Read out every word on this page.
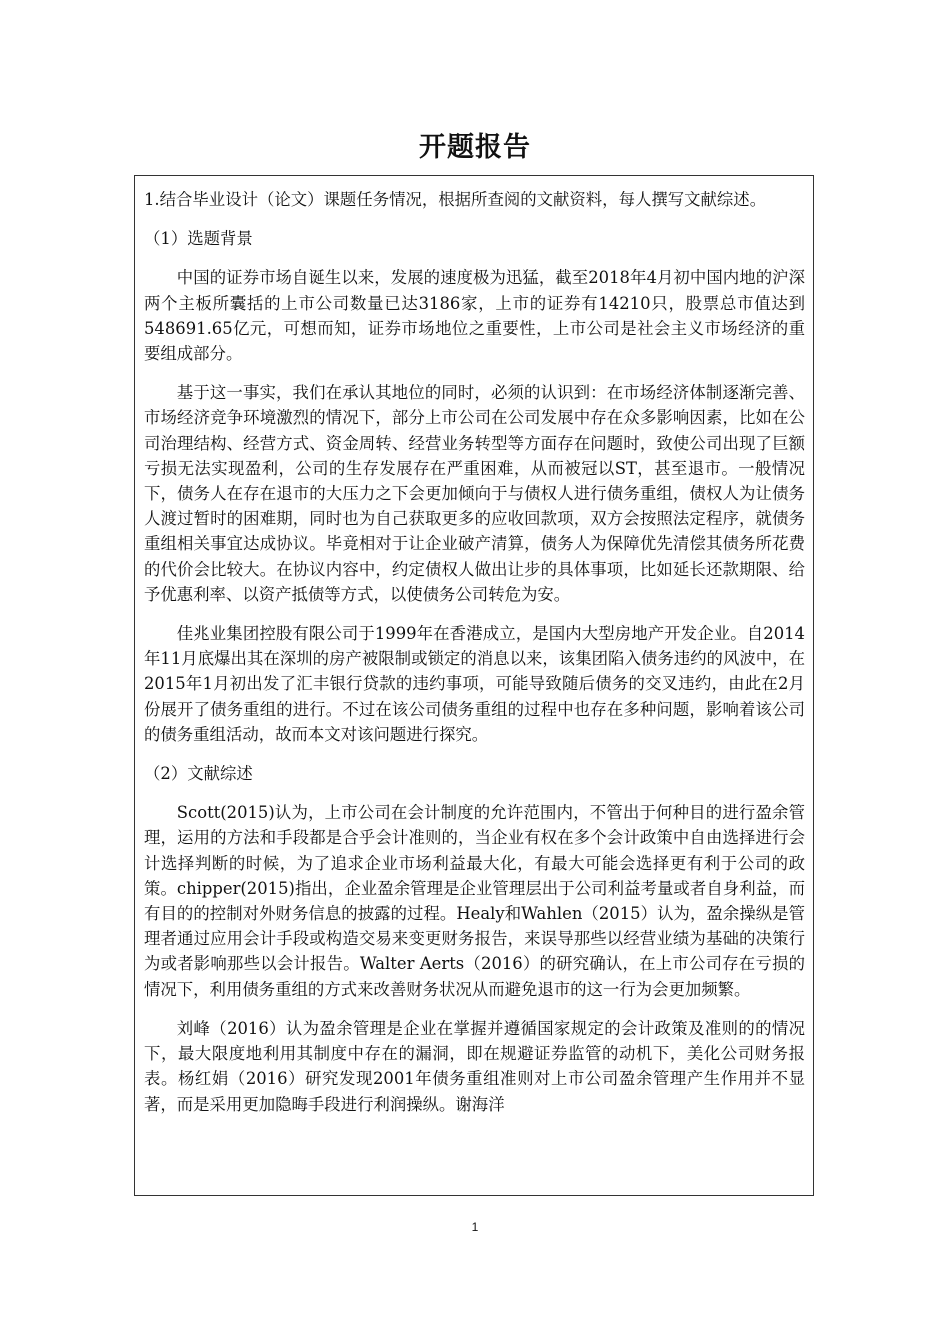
开题报告

1.结合毕业设计（论文）课题任务情况，根据所查阅的文献资料，每人撰写文献综述。

（1）选题背景

中国的证券市场自诞生以来，发展的速度极为迅猛，截至2018年4月初中国内地的沪深两个主板所囊括的上市公司数量已达3186家，上市的证券有14210只，股票总市值达到548691.65亿元，可想而知，证券市场地位之重要性，上市公司是社会主义市场经济的重要组成部分。

基于这一事实，我们在承认其地位的同时，必须的认识到：在市场经济体制逐渐完善、市场经济竞争环境激烈的情况下，部分上市公司在公司发展中存在众多影响因素，比如在公司治理结构、经营方式、资金周转、经营业务转型等方面存在问题时，致使公司出现了巨额亏损无法实现盈利，公司的生存发展存在严重困难，从而被冠以ST，甚至退市。一般情况下，债务人在存在退市的大压力之下会更加倾向于与债权人进行债务重组，债权人为让债务人渡过暂时的困难期，同时也为自己获取更多的应收回款项，双方会按照法定程序，就债务重组相关事宜达成协议。毕竟相对于让企业破产清算，债务人为保障优先清偿其债务所花费的代价会比较大。在协议内容中，约定债权人做出让步的具体事项，比如延长还款期限、给予优惠利率、以资产抵债等方式，以使债务公司转危为安。

佳兆业集团控股有限公司于1999年在香港成立，是国内大型房地产开发企业。自2014年11月底爆出其在深圳的房产被限制或锁定的消息以来，该集团陷入债务违约的风波中，在2015年1月初出发了汇丰银行贷款的违约事项，可能导致随后债务的交叉违约，由此在2月份展开了债务重组的进行。不过在该公司债务重组的过程中也存在多种问题，影响着该公司的债务重组活动，故而本文对该问题进行探究。

（2）文献综述

Scott(2015)认为，上市公司在会计制度的允许范围内，不管出于何种目的进行盈余管理，运用的方法和手段都是合乎会计准则的，当企业有权在多个会计政策中自由选择进行会计选择判断的时候，为了追求企业市场利益最大化，有最大可能会选择更有利于公司的政策。chipper(2015)指出，企业盈余管理是企业管理层出于公司利益考量或者自身利益，而有目的的控制对外财务信息的披露的过程。Healy和Wahlen（2015）认为，盈余操纵是管理者通过应用会计手段或构造交易来变更财务报告，来误导那些以经营业绩为基础的决策行为或者影响那些以会计报告。Walter Aerts（2016）的研究确认，在上市公司存在亏损的情况下，利用债务重组的方式来改善财务状况从而避免退市的这一行为会更加频繁。

刘峰（2016）认为盈余管理是企业在掌握并遵循国家规定的会计政策及准则的的情况下，最大限度地利用其制度中存在的漏洞，即在规避证券监管的动机下，美化公司财务报表。杨红娟（2016）研究发现2001年债务重组准则对上市公司盈余管理产生作用并不显著，而是采用更加隐晦手段进行利润操纵。谢海洋

1
